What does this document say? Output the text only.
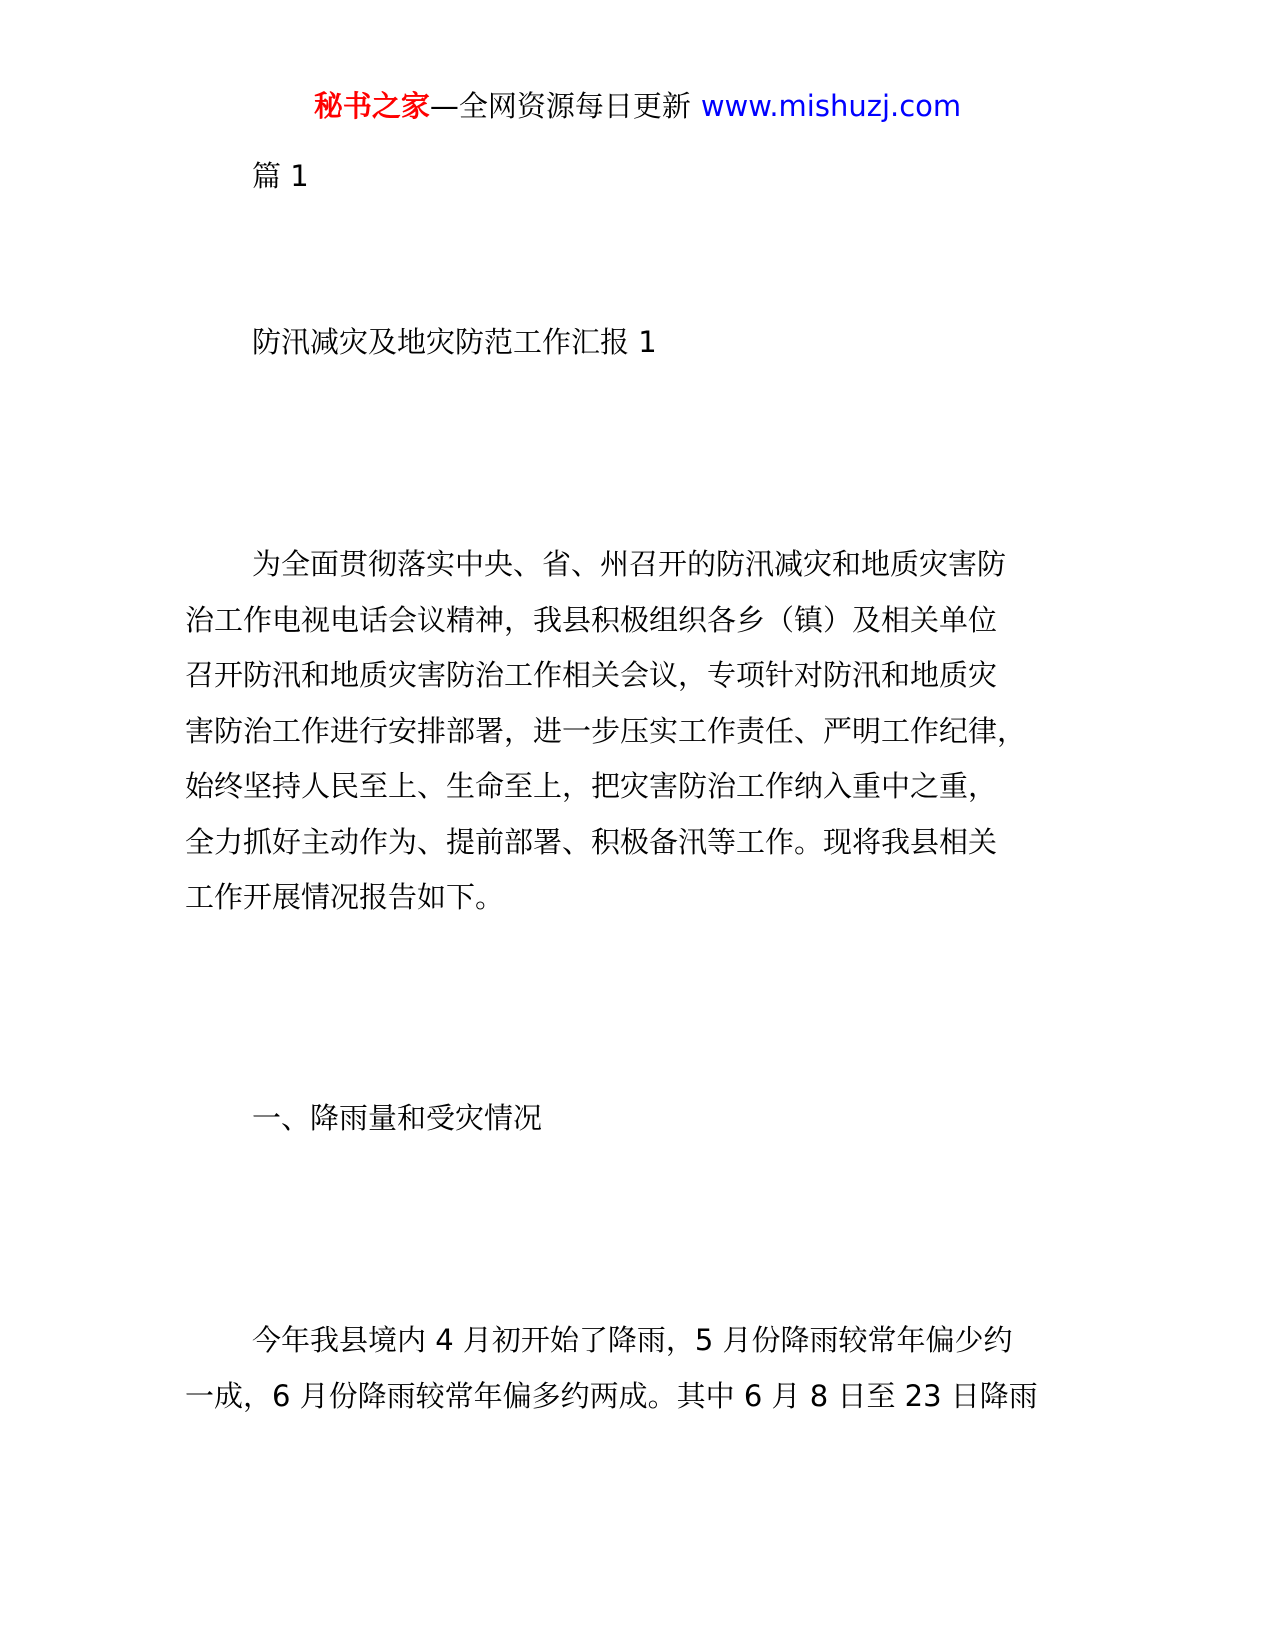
秘书之家—全网资源每日更新 www.mishuzj.com

篇 1

防汛减灾及地灾防范工作汇报 1

为全面贯彻落实中央、省、州召开的防汛减灾和地质灾害防

治工作电视电话会议精神，我县积极组织各乡（镇）及相关单位

召开防汛和地质灾害防治工作相关会议，专项针对防汛和地质灾

害防治工作进行安排部署，进一步压实工作责任、严明工作纪律，

始终坚持人民至上、生命至上，把灾害防治工作纳入重中之重，

全力抓好主动作为、提前部署、积极备汛等工作。现将我县相关

工作开展情况报告如下。

一、降雨量和受灾情况

今年我县境内 4 月初开始了降雨，5 月份降雨较常年偏少约

一成，6 月份降雨较常年偏多约两成。其中 6 月 8 日至 23 日降雨
